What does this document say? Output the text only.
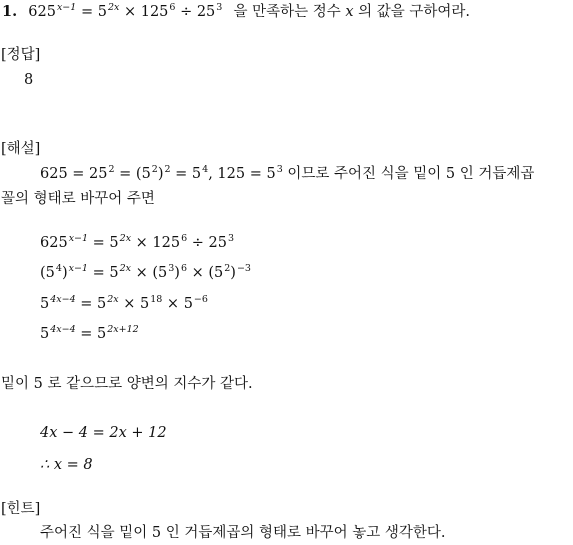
1. $625^{x-1} = 5^{2x} \times 125^6 \div 25^3$ 을 만족하는 정수 x 의 값을 구하여라.
[정답]
8
[해설]
$625 = 25^2 = (5^2)^2 = 5^4$, $125 = 5^3$ 이므로 주어진 식을 밑이 5 인 거듭제곱
꼴의 형태로 바꾸어 주면
$625^{x-1} = 5^{2x} \times 125^6 \div 25^3$
$(5^4)^{x-1} = 5^{2x} \times (5^3)^6 \times (5^2)^{-3}$
$5^{4x-4} = 5^{2x} \times 5^{18} \times 5^{-6}$
$5^{4x-4} = 5^{2x+12}$
밑이 5 로 같으므로 양변의 지수가 같다.
4x − 4 = 2x + 12
∴ x = 8
[힌트]
주어진 식을 밑이 5 인 거듭제곱의 형태로 바꾸어 놓고 생각한다.
